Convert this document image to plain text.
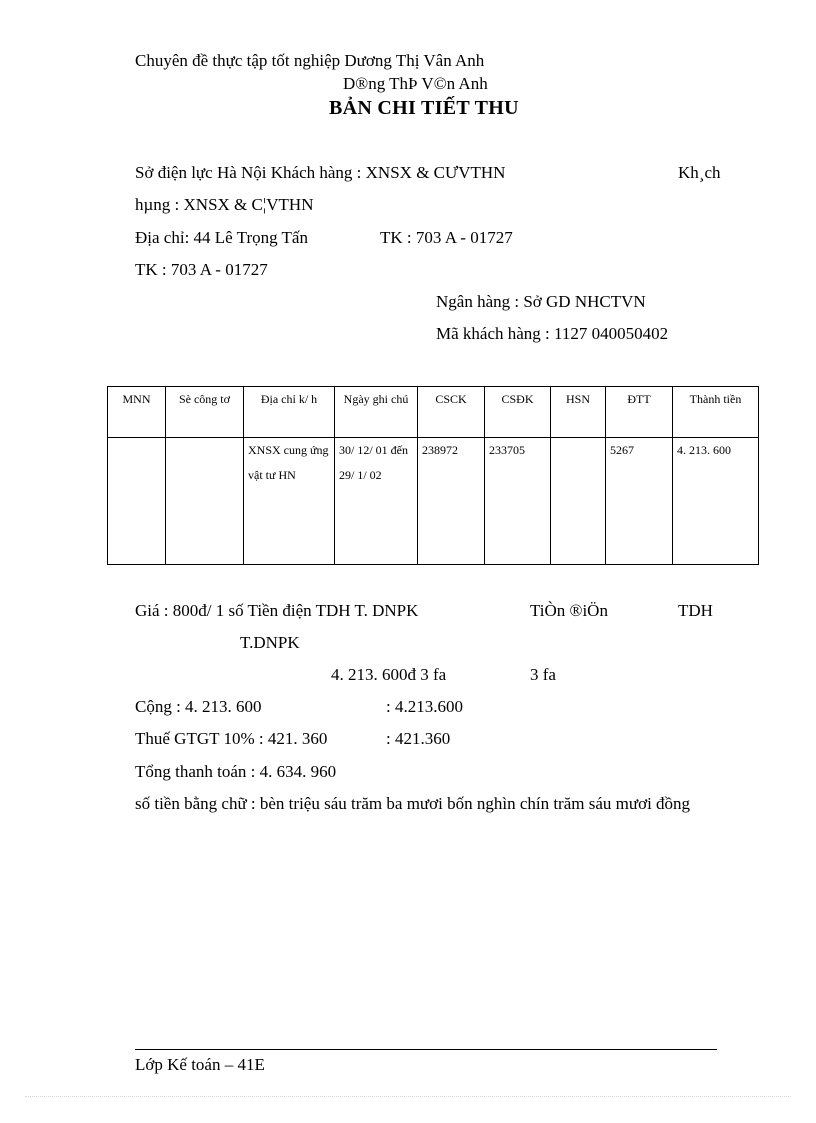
Chuyên đề thực tập tốt nghiệp Dương Thị Vân Anh
D®ng ThÞ V©n Anh
BẢN CHI TIẾT THU
Sở điện lực Hà Nội Khách hàng : XNSX & CƯVTHN	Kh¸ch
hµng : XNSX & C¦VTHN
Địa chỉ: 44 Lê Trọng Tấn	TK : 703 A - 01727
TK : 703 A - 01727
Ngân hàng : Sở GD NHCTVN
Mã khách hàng : 1127 040050402
MNN	Sè công tơ	Địa chỉ k/ h	Ngày ghi chú	CSCK	CSĐK	HSN	ĐTT	Thành tiền
		XNSX cung ứng vật tư HN	30/ 12/ 01 đến 29/ 1/ 02	238972	233705		5267	4. 213. 600
Giá : 800đ/ 1 số Tiền điện TDH T. DNPK	TiÒn ®iÖn	TDH
T.DNPK
4. 213. 600đ 3 fa	3 fa
Cộng : 4. 213. 600	: 4.213.600
Thuế GTGT 10% : 421. 360	: 421.360
Tổng thanh toán : 4. 634. 960
số tiền bằng chữ : bèn triệu sáu trăm ba mươi bốn nghìn chín trăm sáu mươi đồng
Lớp Kế toán – 41E
